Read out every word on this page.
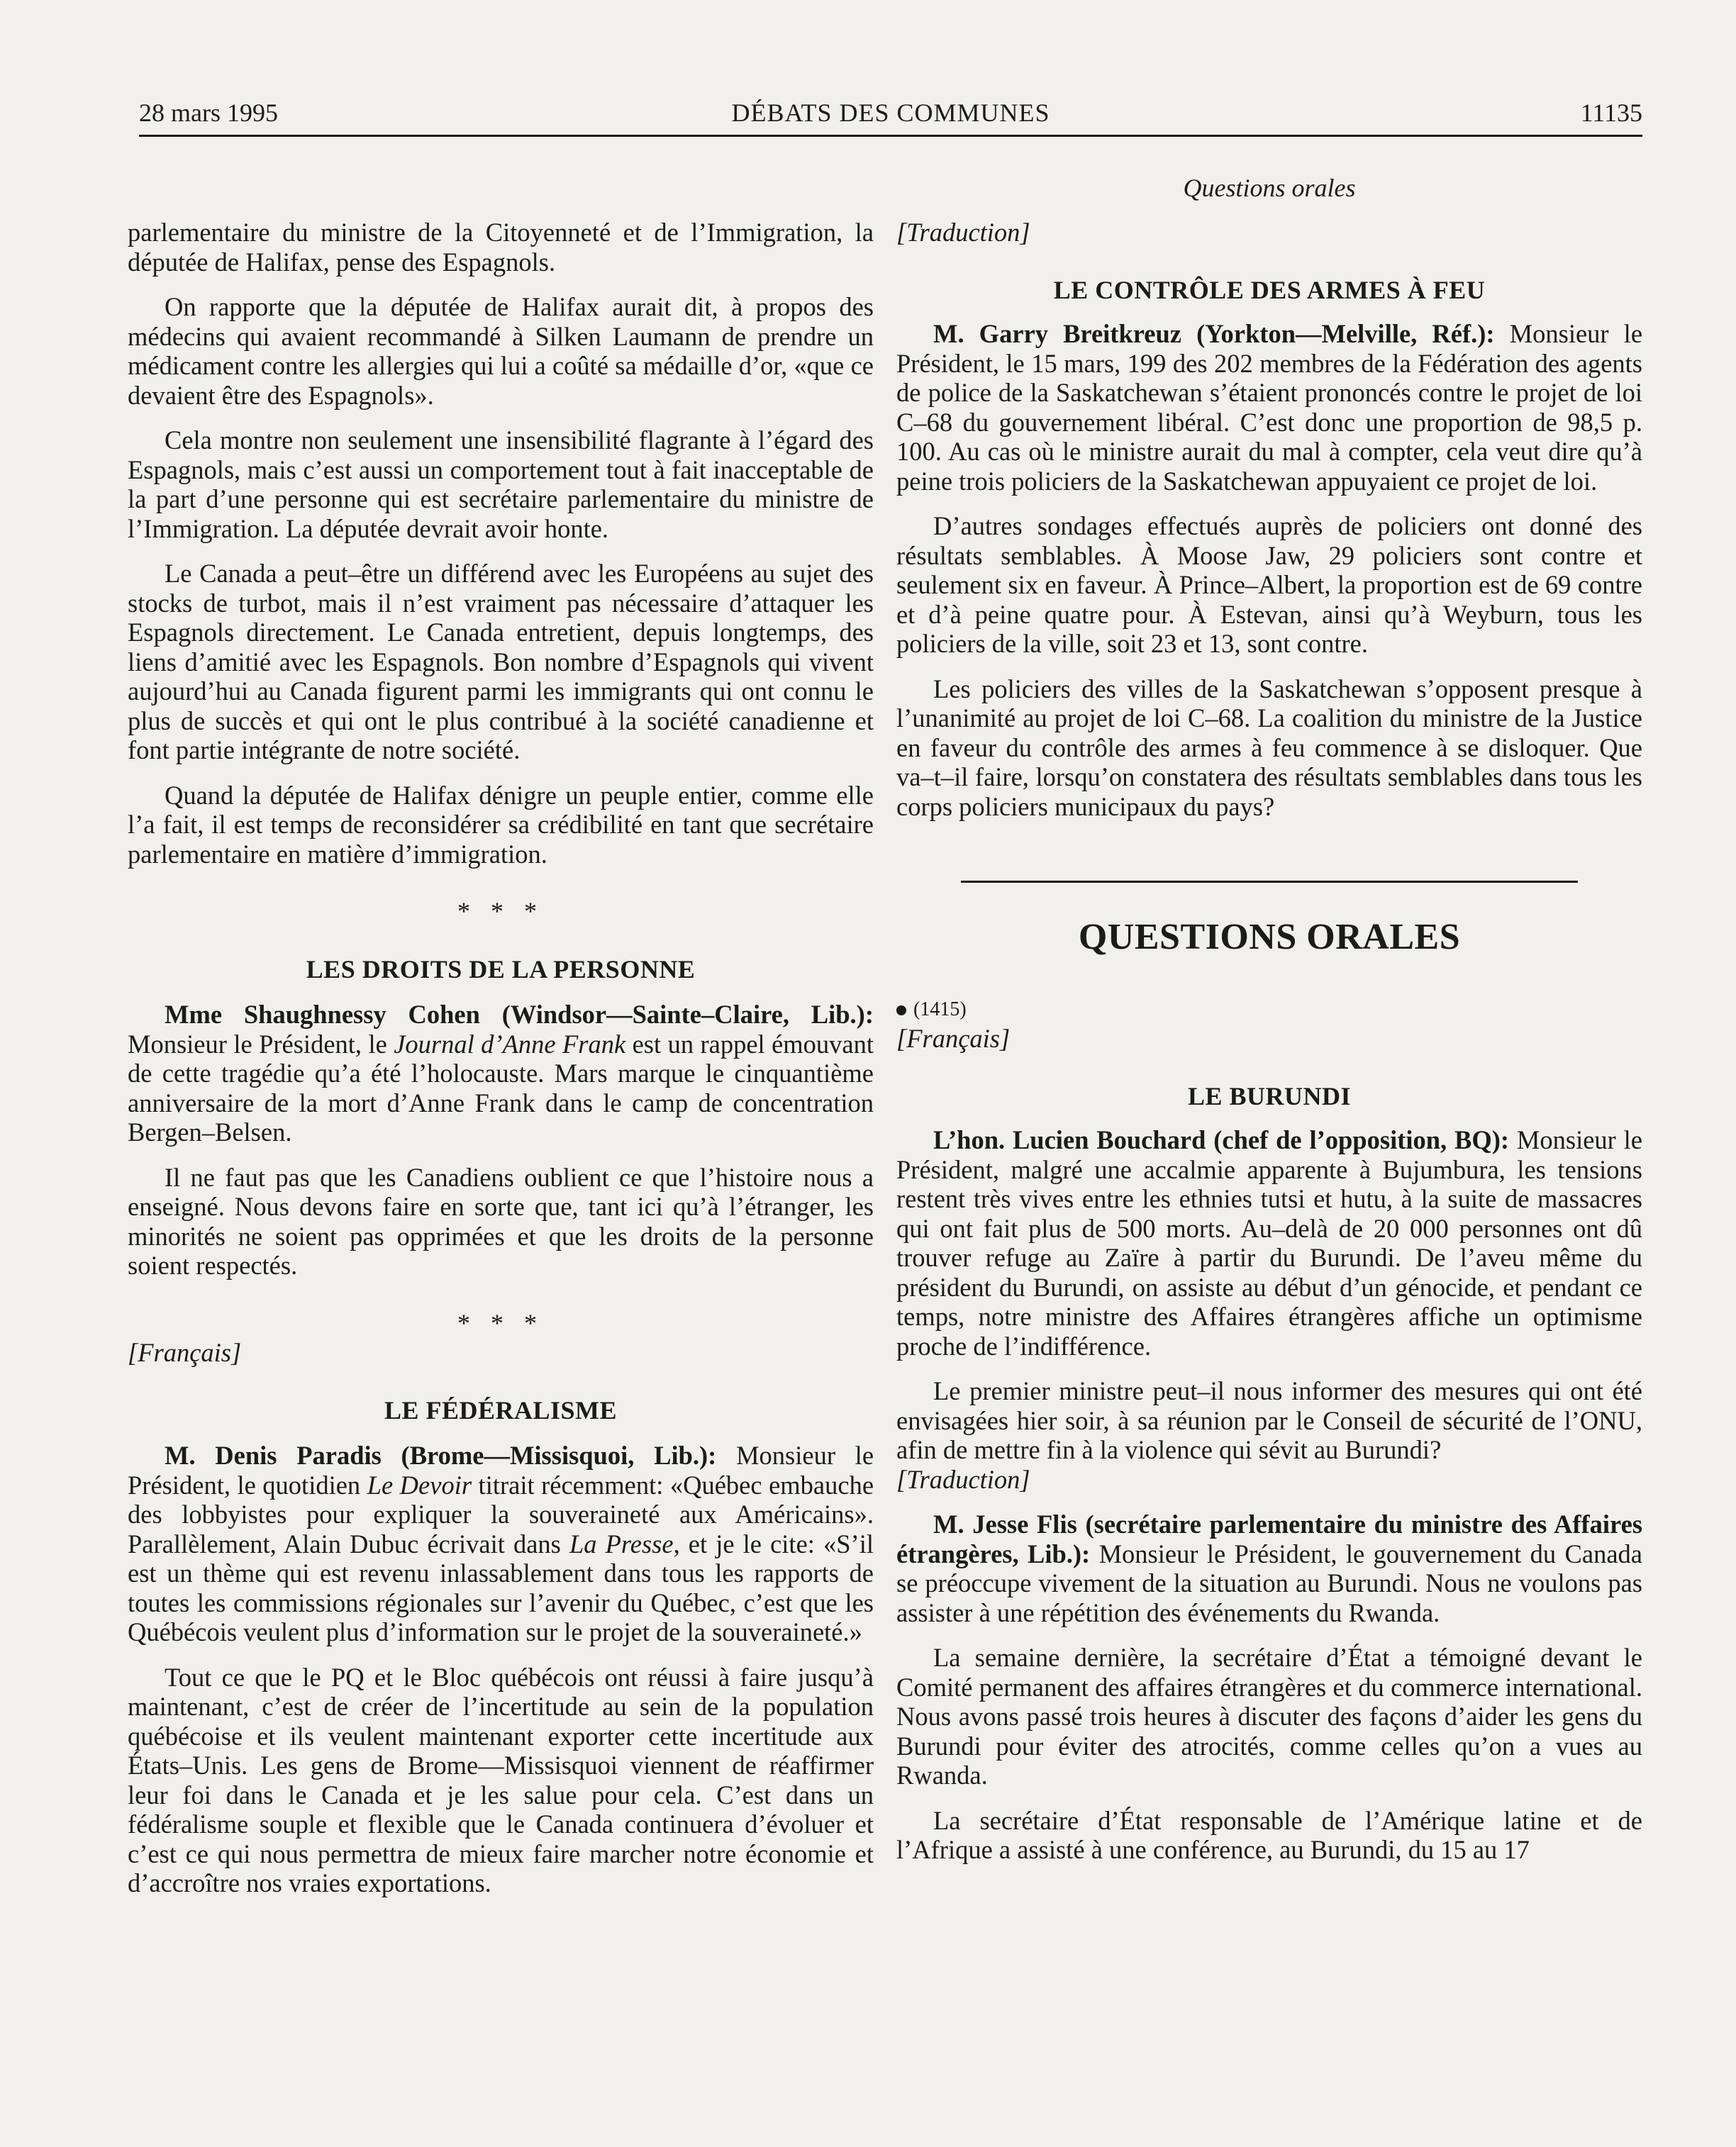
28 mars 1995	DÉBATS DES COMMUNES	11135
Questions orales

parlementaire du ministre de la Citoyenneté et de l’Immigration, la députée de Halifax, pense des Espagnols.

On rapporte que la députée de Halifax aurait dit, à propos des médecins qui avaient recommandé à Silken Laumann de prendre un médicament contre les allergies qui lui a coûté sa médaille d’or, «que ce devaient être des Espagnols».

Cela montre non seulement une insensibilité flagrante à l’égard des Espagnols, mais c’est aussi un comportement tout à fait inacceptable de la part d’une personne qui est secrétaire parlementaire du ministre de l’Immigration. La députée devrait avoir honte.

Le Canada a peut–être un différend avec les Européens au sujet des stocks de turbot, mais il n’est vraiment pas nécessaire d’attaquer les Espagnols directement. Le Canada entretient, depuis longtemps, des liens d’amitié avec les Espagnols. Bon nombre d’Espagnols qui vivent aujourd’hui au Canada figurent parmi les immigrants qui ont connu le plus de succès et qui ont le plus contribué à la société canadienne et font partie intégrante de notre société.

Quand la députée de Halifax dénigre un peuple entier, comme elle l’a fait, il est temps de reconsidérer sa crédibilité en tant que secrétaire parlementaire en matière d’immigration.

* * *
LES DROITS DE LA PERSONNE

Mme Shaughnessy Cohen (Windsor—Sainte–Claire, Lib.): Monsieur le Président, le Journal d’Anne Frank est un rappel émouvant de cette tragédie qu’a été l’holocauste. Mars marque le cinquantième anniversaire de la mort d’Anne Frank dans le camp de concentration Bergen–Belsen.

Il ne faut pas que les Canadiens oublient ce que l’histoire nous a enseigné. Nous devons faire en sorte que, tant ici qu’à l’étranger, les minorités ne soient pas opprimées et que les droits de la personne soient respectés.

* * *

[Français]

LE FÉDÉRALISME

M. Denis Paradis (Brome—Missisquoi, Lib.): Monsieur le Président, le quotidien Le Devoir titrait récemment: «Québec embauche des lobbyistes pour expliquer la souveraineté aux Américains». Parallèlement, Alain Dubuc écrivait dans La Presse, et je le cite: «S’il est un thème qui est revenu inlassablement dans tous les rapports de toutes les commissions régionales sur l’avenir du Québec, c’est que les Québécois veulent plus d’information sur le projet de la souveraineté.»

Tout ce que le PQ et le Bloc québécois ont réussi à faire jusqu’à maintenant, c’est de créer de l’incertitude au sein de la population québécoise et ils veulent maintenant exporter cette incertitude aux États–Unis. Les gens de Brome—Missisquoi viennent de réaffirmer leur foi dans le Canada et je les salue pour cela. C’est dans un fédéralisme souple et flexible que le Canada continuera d’évoluer et c’est ce qui nous permettra de mieux faire marcher notre économie et d’accroître nos vraies exportations.

[Traduction]

LE CONTRÔLE DES ARMES À FEU

M. Garry Breitkreuz (Yorkton—Melville, Réf.): Monsieur le Président, le 15 mars, 199 des 202 membres de la Fédération des agents de police de la Saskatchewan s’étaient prononcés contre le projet de loi C–68 du gouvernement libéral. C’est donc une proportion de 98,5 p. 100. Au cas où le ministre aurait du mal à compter, cela veut dire qu’à peine trois policiers de la Saskatchewan appuyaient ce projet de loi.

D’autres sondages effectués auprès de policiers ont donné des résultats semblables. À Moose Jaw, 29 policiers sont contre et seulement six en faveur. À Prince–Albert, la proportion est de 69 contre et d’à peine quatre pour. À Estevan, ainsi qu’à Weyburn, tous les policiers de la ville, soit 23 et 13, sont contre.

Les policiers des villes de la Saskatchewan s’opposent presque à l’unanimité au projet de loi C–68. La coalition du ministre de la Justice en faveur du contrôle des armes à feu commence à se disloquer. Que va–t–il faire, lorsqu’on constatera des résultats semblables dans tous les corps policiers municipaux du pays?

QUESTIONS ORALES
(1415)

[Français]

LE BURUNDI

L’hon. Lucien Bouchard (chef de l’opposition, BQ): Monsieur le Président, malgré une accalmie apparente à Bujumbura, les tensions restent très vives entre les ethnies tutsi et hutu, à la suite de massacres qui ont fait plus de 500 morts. Au–delà de 20 000 personnes ont dû trouver refuge au Zaïre à partir du Burundi. De l’aveu même du président du Burundi, on assiste au début d’un génocide, et pendant ce temps, notre ministre des Affaires étrangères affiche un optimisme proche de l’indifférence.

Le premier ministre peut–il nous informer des mesures qui ont été envisagées hier soir, à sa réunion par le Conseil de sécurité de l’ONU, afin de mettre fin à la violence qui sévit au Burundi?

[Traduction]

M. Jesse Flis (secrétaire parlementaire du ministre des Affaires étrangères, Lib.): Monsieur le Président, le gouvernement du Canada se préoccupe vivement de la situation au Burundi. Nous ne voulons pas assister à une répétition des événements du Rwanda.

La semaine dernière, la secrétaire d’État a témoigné devant le Comité permanent des affaires étrangères et du commerce international. Nous avons passé trois heures à discuter des façons d’aider les gens du Burundi pour éviter des atrocités, comme celles qu’on a vues au Rwanda.

La secrétaire d’État responsable de l’Amérique latine et de l’Afrique a assisté à une conférence, au Burundi, du 15 au 17
